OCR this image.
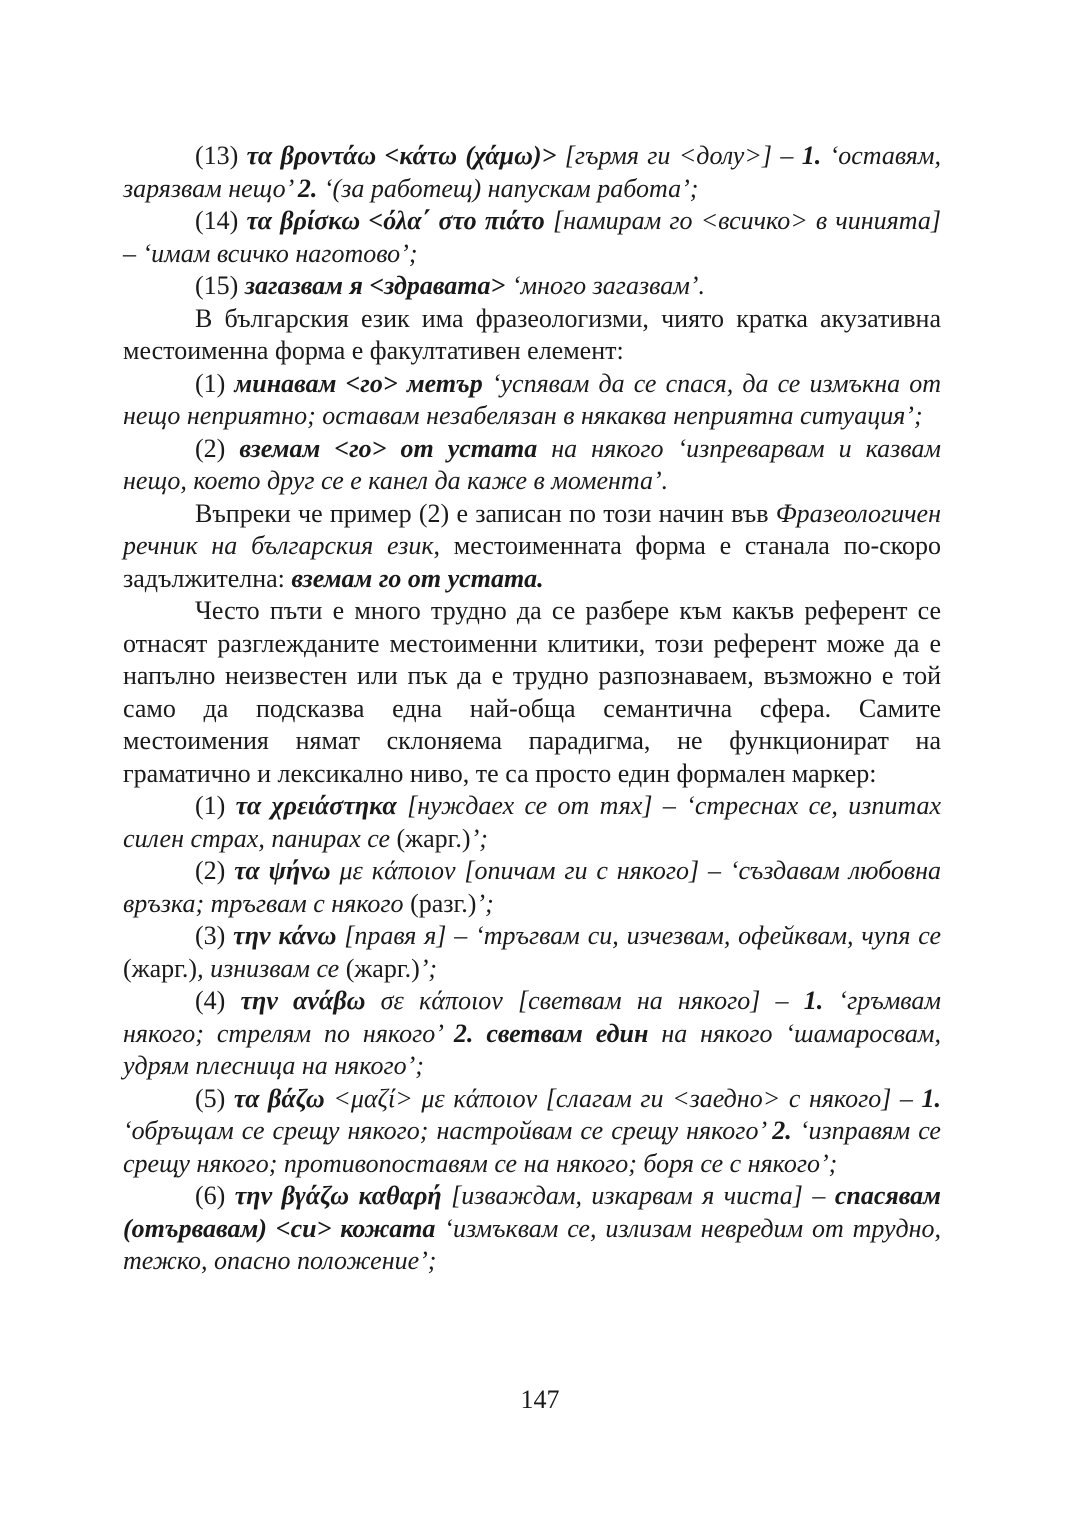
(13) τα βροντάω <κάτω (χάμω)> [гърмя ги <долу>] – 1. ‘оставям, зарязвам нещо’ 2. ‘(за работещ) напускам работа’;

(14) τα βρίσκω <όλα΄ στο πιάτο [намирам го <всичко> в чинията] – ‘имам всичко наготово’;

(15) загазвам я <здравата> ‘много загазвам’.

В българския език има фразеологизми, чиято кратка акузативна местоименна форма е факултативен елемент:

(1) минавам <го> метър ‘успявам да се спася, да се измъкна от нещо неприятно; оставам незабелязан в някаква неприятна ситуация’;

(2) вземам <го> от устата на някого ‘изпреварвам и казвам нещо, което друг се е канел да каже в момента’.

Въпреки че пример (2) е записан по този начин във Фразеологичен речник на българския език, местоименната форма е станала по-скоро задължителна: вземам го от устата.

Често пъти е много трудно да се разбере към какъв референт се отнасят разглежданите местоименни клитики, този референт може да е напълно неизвестен или пък да е трудно разпознаваем, възможно е той само да подсказва една най-обща семантична сфера. Самите местоимения нямат склоняема парадигма, не функционират на граматично и лексикално ниво, те са просто един формален маркер:

(1) τα χρειάστηκα [нуждаех се от тях] – ‘стреснах се, изпитах силен страх, панирах се (жарг.)’;

(2) τα ψήνω με κάποιον [опичам ги с някого] – ‘създавам любовна връзка; тръгвам с някого (разг.)’;

(3) την κάνω [правя я] – ‘тръгвам си, изчезвам, офейквам, чупя се (жарг.), изнизвам се (жарг.)’;

(4) την ανάβω σε κάποιον [светвам на някого] – 1. ‘гръмвам някого; стрелям по някого’ 2. светвам един на някого ‘шамаросвам, удрям плесница на някого’;

(5) τα βάζω <μαζί> με κάποιον [слагам ги <заедно> с някого] – 1. ‘обръщам се срещу някого; настройвам се срещу някого’ 2. ‘изправям се срещу някого; противопоставям се на някого; боря се с някого’;

(6) την βγάζω καθαρή [изваждам, изкарвам я чиста] – спасявам (отървавам) <си> кожата ‘измъквам се, излизам невредим от трудно, тежко, опасно положение’;

147
